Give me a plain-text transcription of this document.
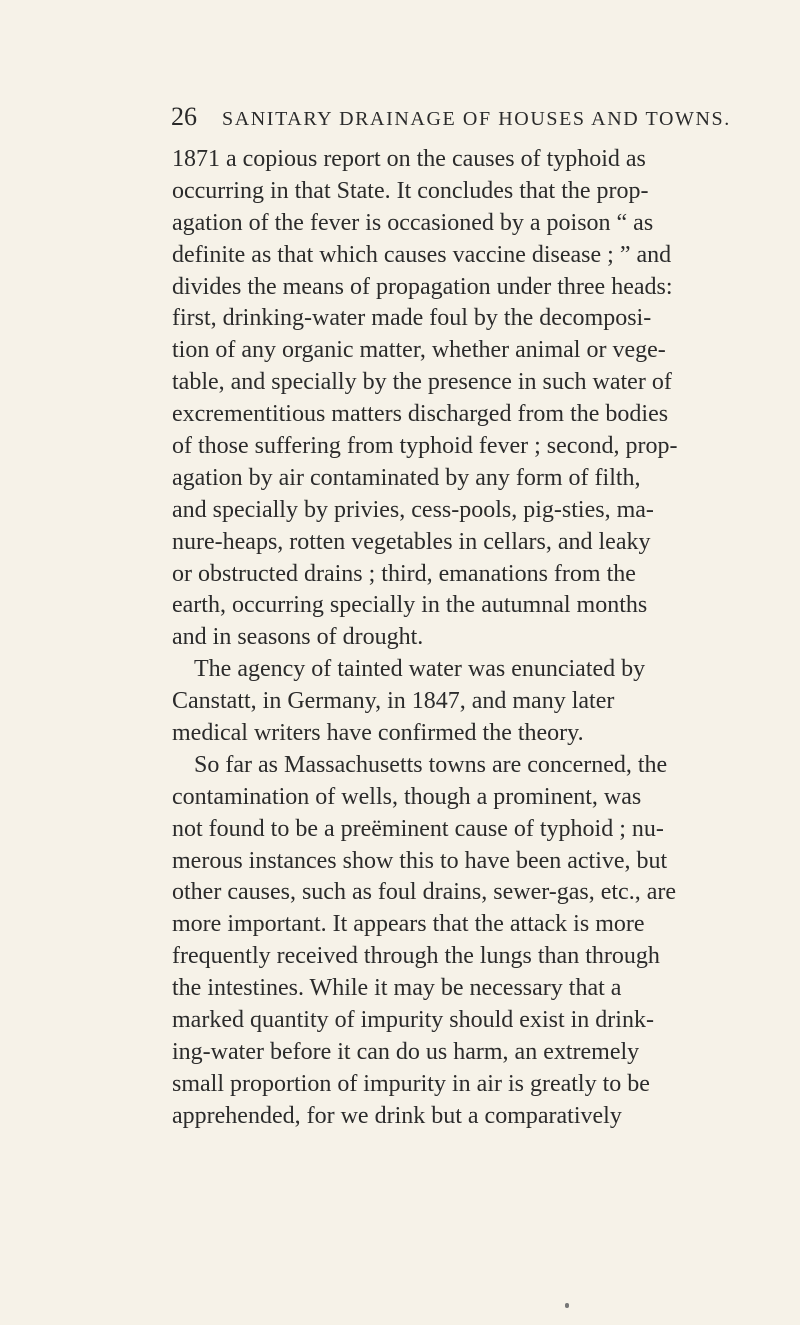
26 SANITARY DRAINAGE OF HOUSES AND TOWNS.
1871 a copious report on the causes of typhoid as
occurring in that State. It concludes that the prop-
agation of the fever is occasioned by a poison “ as
definite as that which causes vaccine disease ; ” and
divides the means of propagation under three heads:
first, drinking-water made foul by the decomposi-
tion of any organic matter, whether animal or vege-
table, and specially by the presence in such water of
excrementitious matters discharged from the bodies
of those suffering from typhoid fever ; second, prop-
agation by air contaminated by any form of filth,
and specially by privies, cess-pools, pig-sties, ma-
nure-heaps, rotten vegetables in cellars, and leaky
or obstructed drains ; third, emanations from the
earth, occurring specially in the autumnal months
and in seasons of drought.
The agency of tainted water was enunciated by
Canstatt, in Germany, in 1847, and many later
medical writers have confirmed the theory.
So far as Massachusetts towns are concerned, the
contamination of wells, though a prominent, was
not found to be a preëminent cause of typhoid ; nu-
merous instances show this to have been active, but
other causes, such as foul drains, sewer-gas, etc., are
more important. It appears that the attack is more
frequently received through the lungs than through
the intestines. While it may be necessary that a
marked quantity of impurity should exist in drink-
ing-water before it can do us harm, an extremely
small proportion of impurity in air is greatly to be
apprehended, for we drink but a comparatively
